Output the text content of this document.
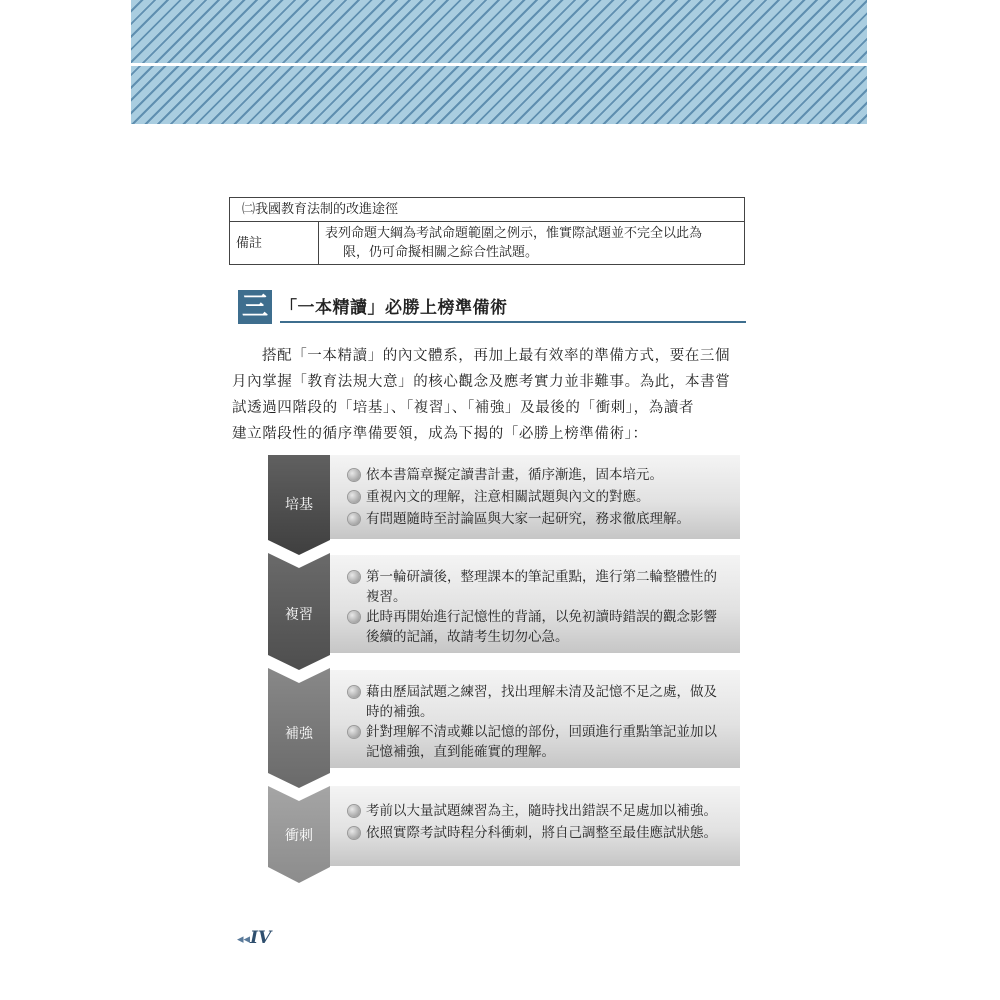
㈡我國教育法制的改進途徑
備註	表列命題大綱為考試命題範圍之例示，惟實際試題並不完全以此為
限，仍可命擬相關之綜合性試題。
三 「一本精讀」必勝上榜準備術

搭配「一本精讀」的內文體系，再加上最有效率的準備方式，要在三個
月內掌握「教育法規大意」的核心觀念及應考實力並非難事。為此，本書嘗
試透過四階段的「培基」、「複習」、「補強」及最後的「衝刺」，為讀者
建立階段性的循序準備要領，成為下揭的「必勝上榜準備術」：

培基
複習
補強
衝刺
依本書篇章擬定讀書計畫，循序漸進，固本培元。
重視內文的理解，注意相關試題與內文的對應。
有問題隨時至討論區與大家一起研究，務求徹底理解。
第一輪研讀後，整理課本的筆記重點，進行第二輪整體性的
複習。
此時再開始進行記憶性的背誦，以免初讀時錯誤的觀念影響
後續的記誦，故請考生切勿心急。
藉由歷屆試題之練習，找出理解未清及記憶不足之處，做及
時的補強。
針對理解不清或難以記憶的部份，回頭進行重點筆記並加以
記憶補強，直到能確實的理解。
考前以大量試題練習為主，隨時找出錯誤不足處加以補強。
依照實際考試時程分科衝刺，將自己調整至最佳應試狀態。
◂◂IV
